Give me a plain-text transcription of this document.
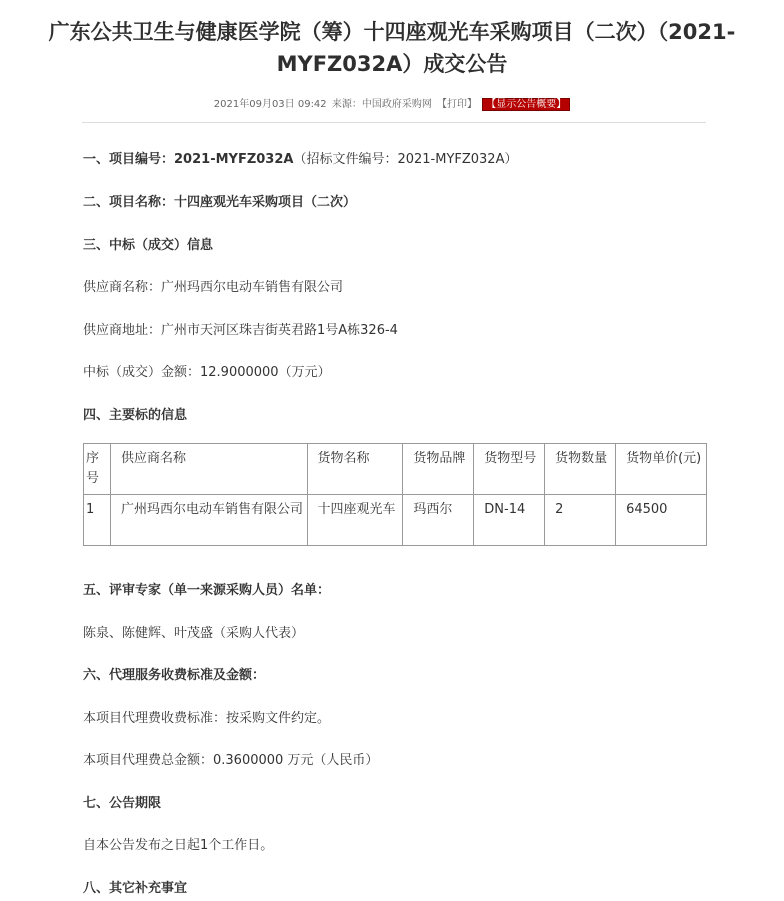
广东公共卫生与健康医学院（筹）十四座观光车采购项目（二次）（2021-MYFZ032A）成交公告
2021年09月03日 09:42 来源：中国政府采购网 【打印】 【显示公告概要】
一、项目编号：2021-MYFZ032A（招标文件编号：2021-MYFZ032A）
二、项目名称：十四座观光车采购项目（二次）
三、中标（成交）信息
供应商名称：广州玛西尔电动车销售有限公司
供应商地址：广州市天河区珠吉街英君路1号A栋326-4
中标（成交）金额：12.9000000（万元）
四、主要标的信息
序号	供应商名称	货物名称	货物品牌	货物型号	货物数量	货物单价(元)
1	广州玛西尔电动车销售有限公司	十四座观光车	玛西尔	DN-14	2	64500
五、评审专家（单一来源采购人员）名单：
陈泉、陈健辉、叶茂盛（采购人代表）
六、代理服务收费标准及金额：
本项目代理费收费标准：按采购文件约定。
本项目代理费总金额：0.3600000 万元（人民币）
七、公告期限
自本公告发布之日起1个工作日。
八、其它补充事宜
